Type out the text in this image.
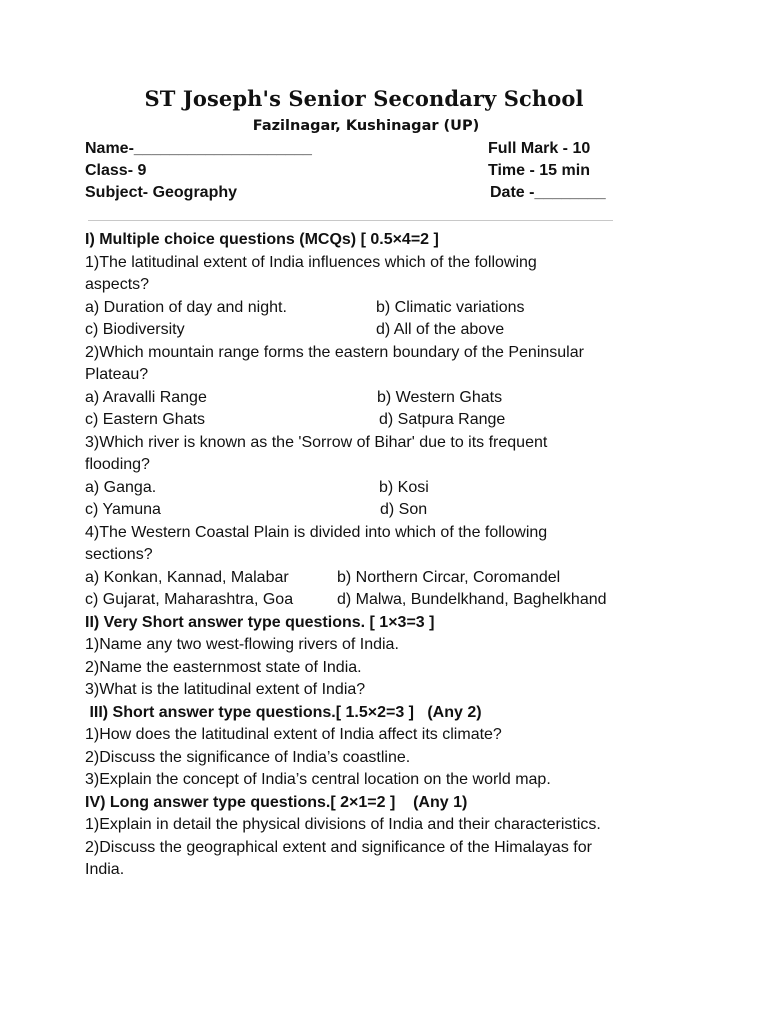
ST Joseph's Senior Secondary School
Fazilnagar, Kushinagar (UP)
Name-____________________	Full Mark - 10
Class- 9	Time - 15 min
Subject- Geography	Date -________
I) Multiple choice questions (MCQs) [ 0.5×4=2 ]
1)The latitudinal extent of India influences which of the following
aspects?
a) Duration of day and night.	b) Climatic variations
c) Biodiversity	d) All of the above
2)Which mountain range forms the eastern boundary of the Peninsular
Plateau?
a) Aravalli Range	b) Western Ghats
c) Eastern Ghats	d) Satpura Range
3)Which river is known as the 'Sorrow of Bihar' due to its frequent
flooding?
a) Ganga.	b) Kosi
c) Yamuna	d) Son
4)The Western Coastal Plain is divided into which of the following
sections?
a) Konkan, Kannad, Malabar	b) Northern Circar, Coromandel
c) Gujarat, Maharashtra, Goa	d) Malwa, Bundelkhand, Baghelkhand
II) Very Short answer type questions. [ 1×3=3 ]
1)Name any two west-flowing rivers of India.
2)Name the easternmost state of India.
3)What is the latitudinal extent of India?
III) Short answer type questions.[ 1.5×2=3 ]   (Any 2)
1)How does the latitudinal extent of India affect its climate?
2)Discuss the significance of India’s coastline.
3)Explain the concept of India’s central location on the world map.
IV) Long answer type questions.[ 2×1=2 ]    (Any 1)
1)Explain in detail the physical divisions of India and their characteristics.
2)Discuss the geographical extent and significance of the Himalayas for
India.
